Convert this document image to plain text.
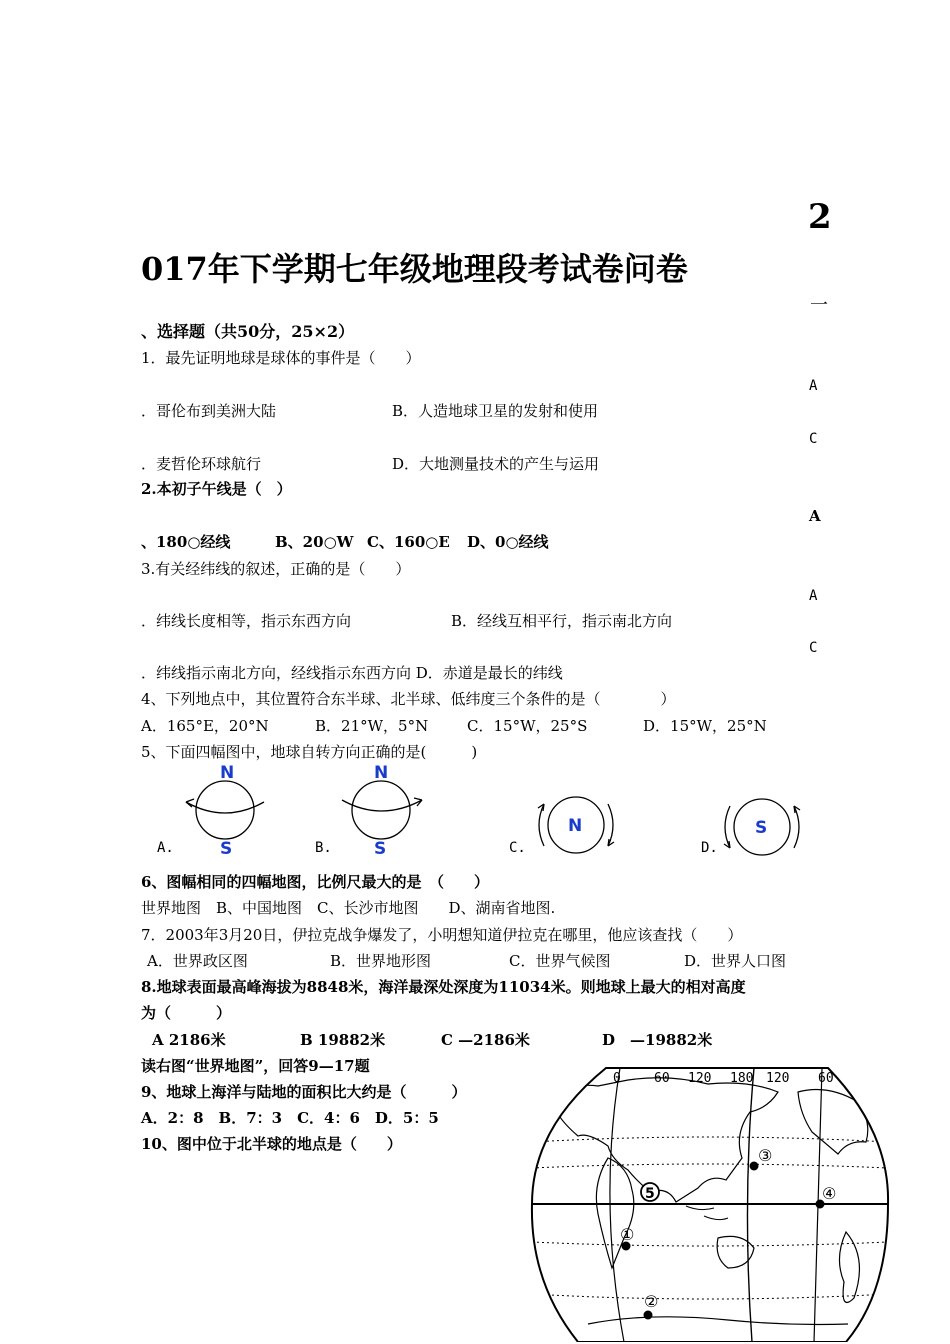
2
017年下学期七年级地理段考试卷问卷
一
、选择题（共50分，25×2）
A
C
A
A
C
1．最先证明地球是球体的事件是（　　）
．哥伦布到美洲大陆	B．人造地球卫星的发射和使用
．麦哲伦环球航行	D．大地测量技术的产生与运用
2.本初子午线是（　）
、180○经线	B、20○W C、160○E D、0○经线
3.有关经纬线的叙述，正确的是（　　）
．纬线长度相等，指示东西方向	B．经线互相平行，指示南北方向
．纬线指示南北方向，经线指示东西方向 D．赤道是最长的纬线
4、下列地点中，其位置符合东半球、北半球、低纬度三个条件的是（　　　　）
A．165°E，20°N	B．21°W，5°N	C．15°W，25°S	D．15°W，25°N
5、下面四幅图中，地球自转方向正确的是(　　　)
N
S
A.
N
S
B.
N
C.
S
D.
6、图幅相同的四幅地图，比例尺最大的是　（　　）
世界地图　B、中国地图　C、长沙市地图　　D、湖南省地图.
7．2003年3月20日，伊拉克战争爆发了，小明想知道伊拉克在哪里，他应该查找（　　）
A．世界政区图	B．世界地形图	C．世界气候图	D．世界人口图
8.地球表面最高峰海拔为8848米，海洋最深处深度为11034米。则地球上最大的相对高度
为（　　　）
A 2186米	B 19882米	C —2186米	D　—19882米
读右图“世界地图”，回答9—17题
9、地球上海洋与陆地的面积比大约是（　　　）
A．2：8　B．7：3　C．4：6　D．5：5
10、图中位于北半球的地点是（　　）
0	60 120 180 120 60
①
②
③
④
5
